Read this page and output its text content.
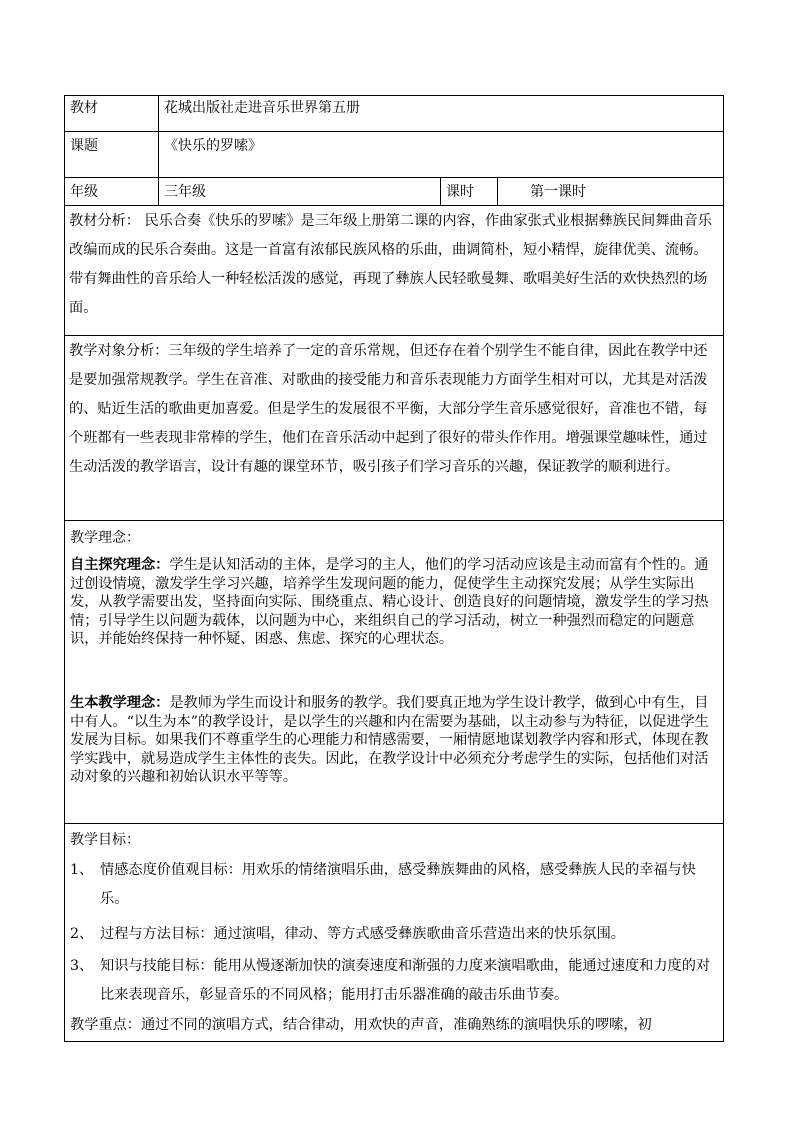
教材	花城出版社走进音乐世界第五册
课题	《快乐的罗嗦》
年级	三年级	课时	第一课时
教材分析： 民乐合奏《快乐的罗嗦》是三年级上册第二课的内容，作曲家张式业根据彝族民间舞曲音乐改编而成的民乐合奏曲。这是一首富有浓郁民族风格的乐曲，曲调简朴，短小精悍，旋律优美、流畅。带有舞曲性的音乐给人一种轻松活泼的感觉，再现了彝族人民轻歌曼舞、歌唱美好生活的欢快热烈的场面。
教学对象分析：三年级的学生培养了一定的音乐常规，但还存在着个别学生不能自律，因此在教学中还是要加强常规教学。学生在音准、对歌曲的接受能力和音乐表现能力方面学生相对可以，尤其是对活泼的、贴近生活的歌曲更加喜爱。但是学生的发展很不平衡，大部分学生音乐感觉很好，音准也不错，每个班都有一些表现非常棒的学生，他们在音乐活动中起到了很好的带头作作用。增强课堂趣味性，通过生动活泼的教学语言，设计有趣的课堂环节，吸引孩子们学习音乐的兴趣，保证教学的顺利进行。
教学理念：
自主探究理念：学生是认知活动的主体，是学习的主人，他们的学习活动应该是主动而富有个性的。通过创设情境，激发学生学习兴趣，培养学生发现问题的能力，促使学生主动探究发展；从学生实际出发，从教学需要出发，坚持面向实际、围绕重点、精心设计、创造良好的问题情境，激发学生的学习热情；引导学生以问题为载体，以问题为中心，来组织自己的学习活动，树立一种强烈而稳定的问题意识，并能始终保持一种怀疑、困惑、焦虑、探究的心理状态。
生本教学理念：是教师为学生而设计和服务的教学。我们要真正地为学生设计教学，做到心中有生，目中有人。“以生为本”的教学设计，是以学生的兴趣和内在需要为基础，以主动参与为特征，以促进学生发展为目标。如果我们不尊重学生的心理能力和情感需要，一厢情愿地谋划教学内容和形式，体现在教学实践中，就易造成学生主体性的丧失。因此，在教学设计中必须充分考虑学生的实际，包括他们对活动对象的兴趣和初始认识水平等等。
教学目标：
1、 情感态度价值观目标：用欢乐的情绪演唱乐曲，感受彝族舞曲的风格，感受彝族人民的幸福与快乐。
2、 过程与方法目标：通过演唱，律动、等方式感受彝族歌曲音乐营造出来的快乐氛围。
3、 知识与技能目标：能用从慢逐渐加快的演奏速度和渐强的力度来演唱歌曲，能通过速度和力度的对比来表现音乐，彰显音乐的不同风格；能用打击乐器准确的敲击乐曲节奏。
教学重点：通过不同的演唱方式，结合律动，用欢快的声音，准确熟练的演唱快乐的啰嗦，初
